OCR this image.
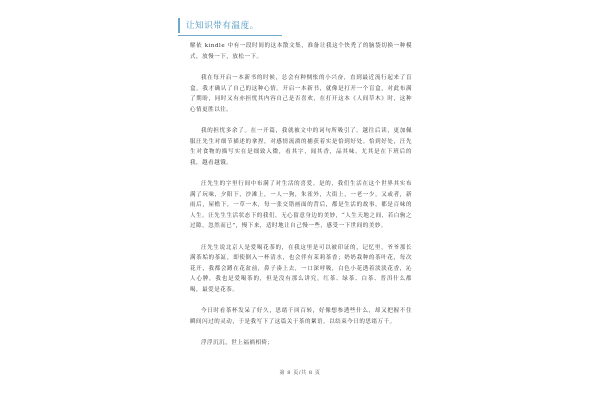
让知识带有温度。

解依 kindle 中有一段时间的这本散文集，准备让我这个快秃了的脑袋切换一种模式，放慢一下，放松一下。

我在每开启一本新书的时候，总会有种惆怅的小兴奋，直到最近流行起来了盲盒，我才确认了自己的这种心情。开启一本新书，就像是打开一个盲盒，对此布满了期盼，同时又有亦担忧其内容自己是否喜欢，在打开这本《人间草木》时，这种心情更胜以往。

我的担忧多余了。在一开篇，我就被文中的词句所吸引了。越往后读，更加佩服汪先生对细节描述的拿捏，对感情流淌的捕获着实是恰到好处。恰到好处，汪先生对食物的描写实在是细致入微，看其字，闻其香，品其味，尤其是在下班后的我，越看越饿。

汪先生的字里行间中布满了对生活的喜爱。是的，我们生活在这个世界其实布满了玩味，夕阳下，沙滩上，一人一狗，朱雀外，大街上，一老一少，又或者，新雨后，屋檐下，一草一木，每一张交错画面的背后，都是生活的故事，都是百味的人生。汪先生生活状态下的我们，无心留意身边的美妙，“人生天地之间，若白驹之过隙，忽然而已”，慢下来，适时地让自己慢一些，感受一下世间的美妙。

汪先生说北京人是爱喝花茶的，在我这里是可以被印证的，记忆里，爷爷那长满茶垢的茶缸，即使倒入一杯清水，也会伴有茉莉茶香；奶奶栽种的茶叶花，每次花开，我都会蹲在花盆前，鼻子凑上去，一口深呼吸，白色小花透着淡淡花香，沁人心脾，我也是爱喝茶的，但是没有那么讲究，红茶、绿茶、白茶、普洱什么都喝，最爱是花茶。

今日时看茶杯发呆了好久，思绪千回百转，好像想参透些什么，却又把握不住瞬间闪过的灵动，于是我写下了这篇关于茶的絮语，以结束今日的思绪万千。

浮浮沉沉，世上福祸相倚；

第 8 页/共 8 页
